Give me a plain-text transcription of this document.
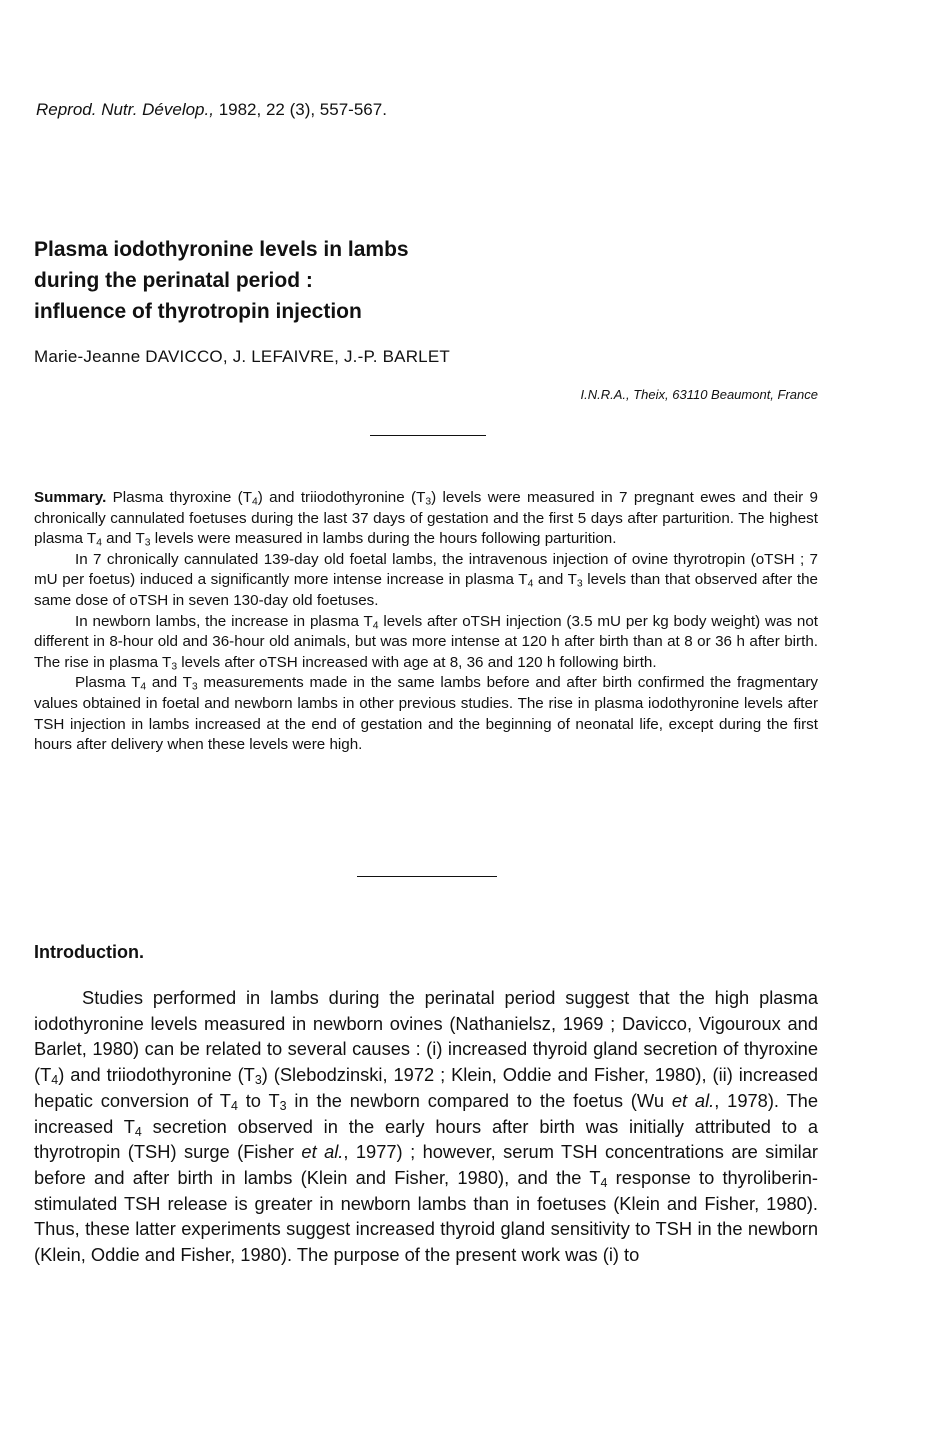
Reprod. Nutr. Dévelop., 1982, 22 (3), 557-567.
Plasma iodothyronine levels in lambs
during the perinatal period :
influence of thyrotropin injection
Marie-Jeanne DAVICCO, J. LEFAIVRE, J.-P. BARLET
I.N.R.A., Theix, 63110 Beaumont, France

Summary. Plasma thyroxine $(T_4)$ and triiodothyronine $(T_3)$ levels were measured in 7 pregnant ewes and their 9 chronically cannulated foetuses during the last 37 days of gestation and the first 5 days after parturition. The highest plasma $T_4$ and $T_3$ levels were measured in lambs during the hours following parturition.

In 7 chronically cannulated 139-day old foetal lambs, the intravenous injection of ovine thyrotropin (oTSH ; 7 mU per foetus) induced a significantly more intense increase in plasma $T_4$ and $T_3$ levels than that observed after the same dose of oTSH in seven 130-day old foetuses.

In newborn lambs, the increase in plasma $T_4$ levels after oTSH injection (3.5 mU per kg body weight) was not different in 8-hour old and 36-hour old animals, but was more intense at 120 h after birth than at 8 or 36 h after birth. The rise in plasma $T_3$ levels after oTSH increased with age at 8, 36 and 120 h following birth.

Plasma $T_4$ and $T_3$ measurements made in the same lambs before and after birth confirmed the fragmentary values obtained in foetal and newborn lambs in other previous studies. The rise in plasma iodothyronine levels after TSH injection in lambs increased at the end of gestation and the beginning of neonatal life, except during the first hours after delivery when these levels were high.

Introduction.

Studies performed in lambs during the perinatal period suggest that the high plasma iodothyronine levels measured in newborn ovines (Nathanielsz, 1969 ; Davicco, Vigouroux and Barlet, 1980) can be related to several causes : (i) increased thyroid gland secretion of thyroxine $(T_4)$ and triiodothyronine $(T_3)$ (Slebodzinski, 1972 ; Klein, Oddie and Fisher, 1980), (ii) increased hepatic conversion of $T_4$ to $T_3$ in the newborn compared to the foetus (Wu et al., 1978). The increased $T_4$ secretion observed in the early hours after birth was initially attributed to a thyrotropin (TSH) surge (Fisher et al., 1977) ; however, serum TSH concentrations are similar before and after birth in lambs (Klein and Fisher, 1980), and the $T_4$ response to thyroliberin-stimulated TSH release is greater in newborn lambs than in foetuses (Klein and Fisher, 1980). Thus, these latter experiments suggest increased thyroid gland sensitivity to TSH in the newborn (Klein, Oddie and Fisher, 1980). The purpose of the present work was (i) to
